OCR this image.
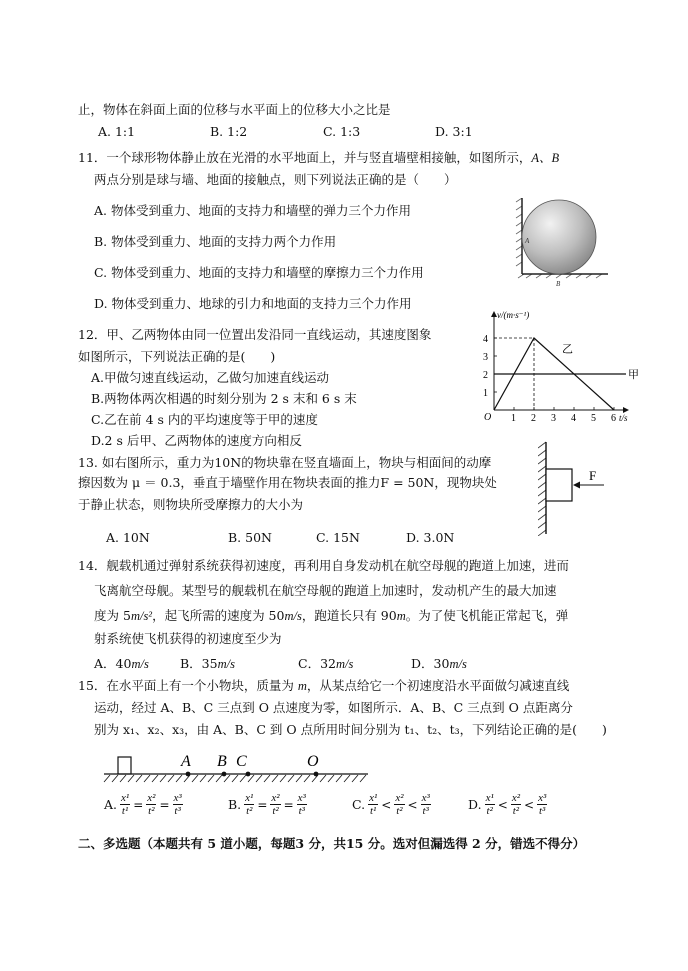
止，物体在斜面上面的位移与水平面上的位移大小之比是
A. 1:1	B. 1:2	C. 1:3	D. 3:1
11．一个球形物体静止放在光滑的水平地面上，并与竖直墙壁相接触，如图所示，A、B
两点分别是球与墙、地面的接触点，则下列说法正确的是（　　）
A. 物体受到重力、地面的支持力和墙壁的弹力三个力作用
B. 物体受到重力、地面的支持力两个力作用
C. 物体受到重力、地面的支持力和墙壁的摩擦力三个力作用
D. 物体受到重力、地球的引力和地面的支持力三个力作用
A
B
12．甲、乙两物体由同一位置出发沿同一直线运动，其速度图象
如图所示，下列说法正确的是(　　)
A.甲做匀速直线运动，乙做匀加速直线运动
B.两物体两次相遇的时刻分别为 2 s 末和 6 s 末
C.乙在前 4 s 内的平均速度等于甲的速度
D.2 s 后甲、乙两物体的速度方向相反
v/(m·s⁻¹)
t/s
O 1 2 3 4 5 6
1
2
3
4
甲
乙
13. 如右图所示，重力为10N的物块靠在竖直墙面上，物块与相面间的动摩
擦因数为 μ ＝ 0.3，垂直于墙壁作用在物块表面的推力F = 50N，现物块处
于静止状态，则物块所受摩擦力的大小为
A. 10N	B. 50N	C. 15N	D. 3.0N
F
14．舰载机通过弹射系统获得初速度，再利用自身发动机在航空母舰的跑道上加速，进而
飞离航空母舰。某型号的舰载机在航空母舰的跑道上加速时，发动机产生的最大加速
度为 5m/s²，起飞所需的速度为 50m/s，跑道长只有 90m。为了使飞机能正常起飞，弹
射系统使飞机获得的初速度至少为
A．40m/s B．35m/s	C．32m/s	D．30m/s
15．在水平面上有一个小物块，质量为 m，从某点给它一个初速度沿水平面做匀减速直线
运动，经过 A、B、C 三点到 O 点速度为零，如图所示．A、B、C 三点到 O 点距离分
别为 x₁、x₂、x₃，由 A、B、C 到 O 点所用时间分别为 t₁、t₂、t₃，下列结论正确的是(　　)
A B C	O
A. $\frac{\text{x¹}}{\text{t¹}} = \frac{\text{x²}}{\text{t²}} = \frac{\text{x³}}{\text{t³}}$	B. $\frac{\text{x¹}}{\text{t²}} = \frac{\text{x²}}{\text{t²}} = \frac{\text{x³}}{\text{t³}}$	C. x¹
t¹ < x²
t² < x³
t³	D. x¹
t² < x²
t² < x³
t³
二、多选题（本题共有 5 道小题，每题3 分，共15 分。选对但漏选得 2 分，错选不得分）
